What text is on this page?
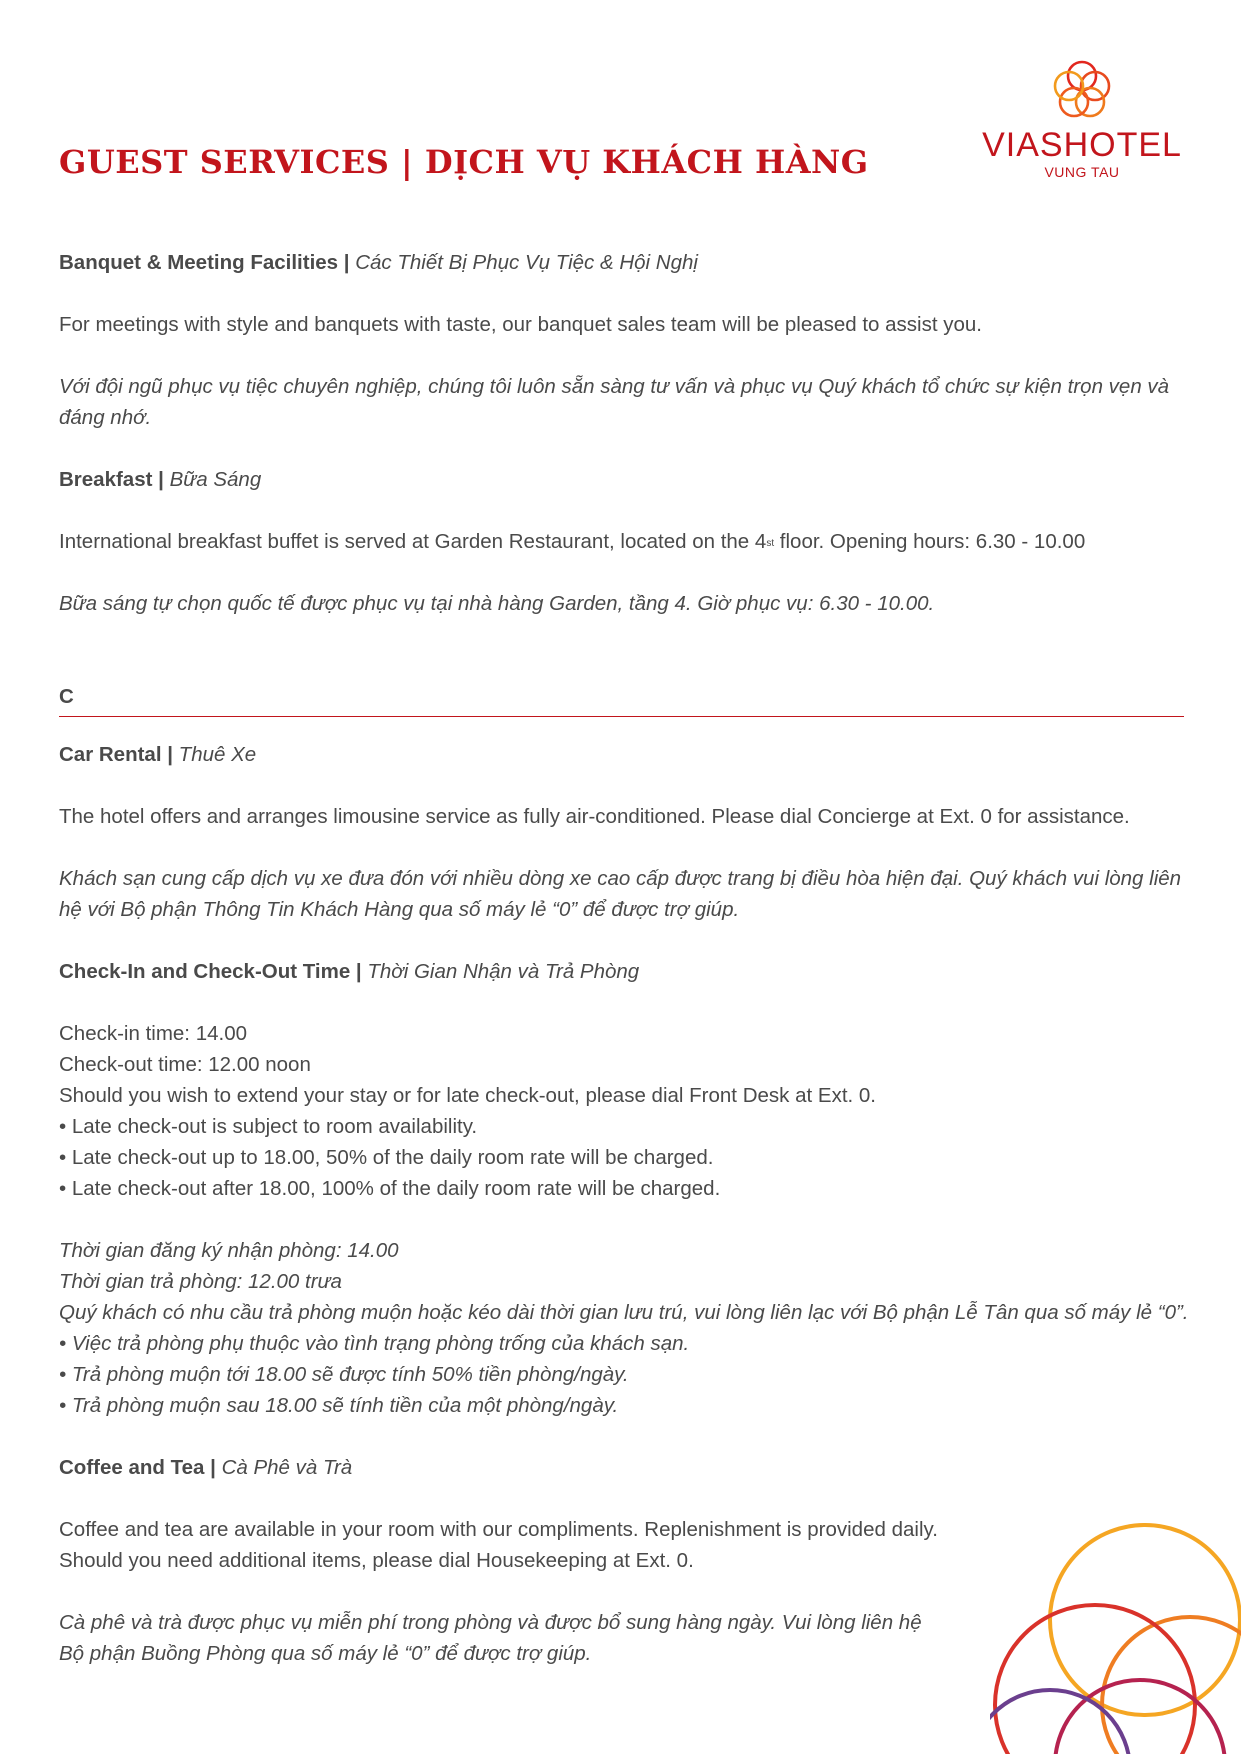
GUEST SERVICES | DỊCH VỤ KHÁCH HÀNG	VIASHOTEL
VUNG TAU
Banquet & Meeting Facilities | Các Thiết Bị Phục Vụ Tiệc & Hội Nghị
For meetings with style and banquets with taste, our banquet sales team will be pleased to assist you.
Với đội ngũ phục vụ tiệc chuyên nghiệp, chúng tôi luôn sẵn sàng tư vấn và phục vụ Quý khách tổ chức sự kiện trọn vẹn và đáng nhớ.
Breakfast | Bữa Sáng
International breakfast buffet is served at Garden Restaurant, located on the 4st floor. Opening hours: 6.30 - 10.00
Bữa sáng tự chọn quốc tế được phục vụ tại nhà hàng Garden, tầng 4. Giờ phục vụ: 6.30 - 10.00.
C
Car Rental | Thuê Xe
The hotel offers and arranges limousine service as fully air-conditioned. Please dial Concierge at Ext. 0 for assistance.
Khách sạn cung cấp dịch vụ xe đưa đón với nhiều dòng xe cao cấp được trang bị điều hòa hiện đại. Quý khách vui lòng liên hệ với Bộ phận Thông Tin Khách Hàng qua số máy lẻ “0” để được trợ giúp.
Check-In and Check-Out Time | Thời Gian Nhận và Trả Phòng
Check-in time: 14.00
Check-out time: 12.00 noon
Should you wish to extend your stay or for late check-out, please dial Front Desk at Ext. 0.
• Late check-out is subject to room availability.
• Late check-out up to 18.00, 50% of the daily room rate will be charged.
• Late check-out after 18.00, 100% of the daily room rate will be charged.
Thời gian đăng ký nhận phòng: 14.00
Thời gian trả phòng: 12.00 trưa
Quý khách có nhu cầu trả phòng muộn hoặc kéo dài thời gian lưu trú, vui lòng liên lạc với Bộ phận Lễ Tân qua số máy lẻ “0”.
• Việc trả phòng phụ thuộc vào tình trạng phòng trống của khách sạn.
• Trả phòng muộn tới 18.00 sẽ được tính 50% tiền phòng/ngày.
• Trả phòng muộn sau 18.00 sẽ tính tiền của một phòng/ngày.
Coffee and Tea | Cà Phê và Trà
Coffee and tea are available in your room with our compliments. Replenishment is provided daily.
Should you need additional items, please dial Housekeeping at Ext. 0.
Cà phê và trà được phục vụ miễn phí trong phòng và được bổ sung hàng ngày. Vui lòng liên hệ
Bộ phận Buồng Phòng qua số máy lẻ “0” để được trợ giúp.
